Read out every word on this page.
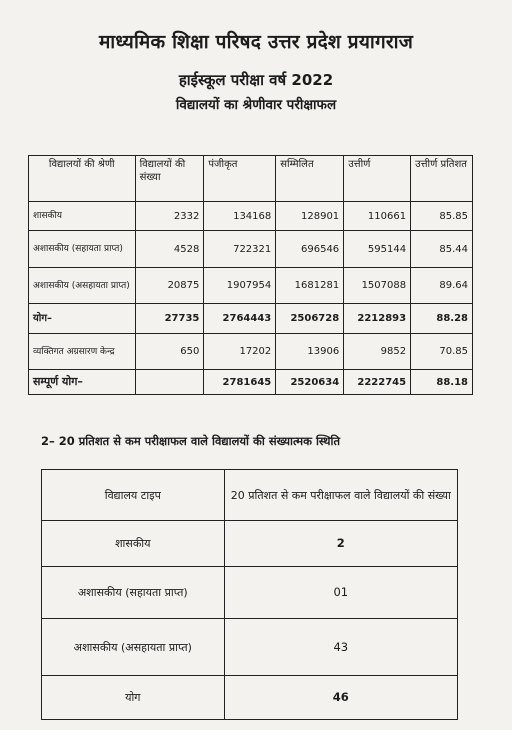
माध्यमिक शिक्षा परिषद उत्तर प्रदेश प्रयागराज
हाईस्कूल परीक्षा वर्ष 2022
विद्यालयों का श्रेणीवार परीक्षाफल
विद्यालयों की श्रेणी	विद्यालयों की संख्या	पंजीकृत	सम्मिलित	उत्तीर्ण	उत्तीर्ण प्रतिशत
शासकीय	2332	134168	128901	110661	85.85
अशासकीय (सहायता प्राप्त)	4528	722321	696546	595144	85.44
अशासकीय (असहायता प्राप्त)	20875	1907954	1681281	1507088	89.64
योग–	27735	2764443	2506728	2212893	88.28
व्यक्तिगत अग्रसारण केन्द्र	650	17202	13906	9852	70.85
सम्पूर्ण योग–		2781645	2520634	2222745	88.18
2– 20 प्रतिशत से कम परीक्षाफल वाले विद्यालयों की संख्यात्मक स्थिति
विद्यालय टाइप	20 प्रतिशत से कम परीक्षाफल वाले विद्यालयों की संख्या
शासकीय	2
अशासकीय (सहायता प्राप्त)	01
अशासकीय (असहायता प्राप्त)	43
योग	46
